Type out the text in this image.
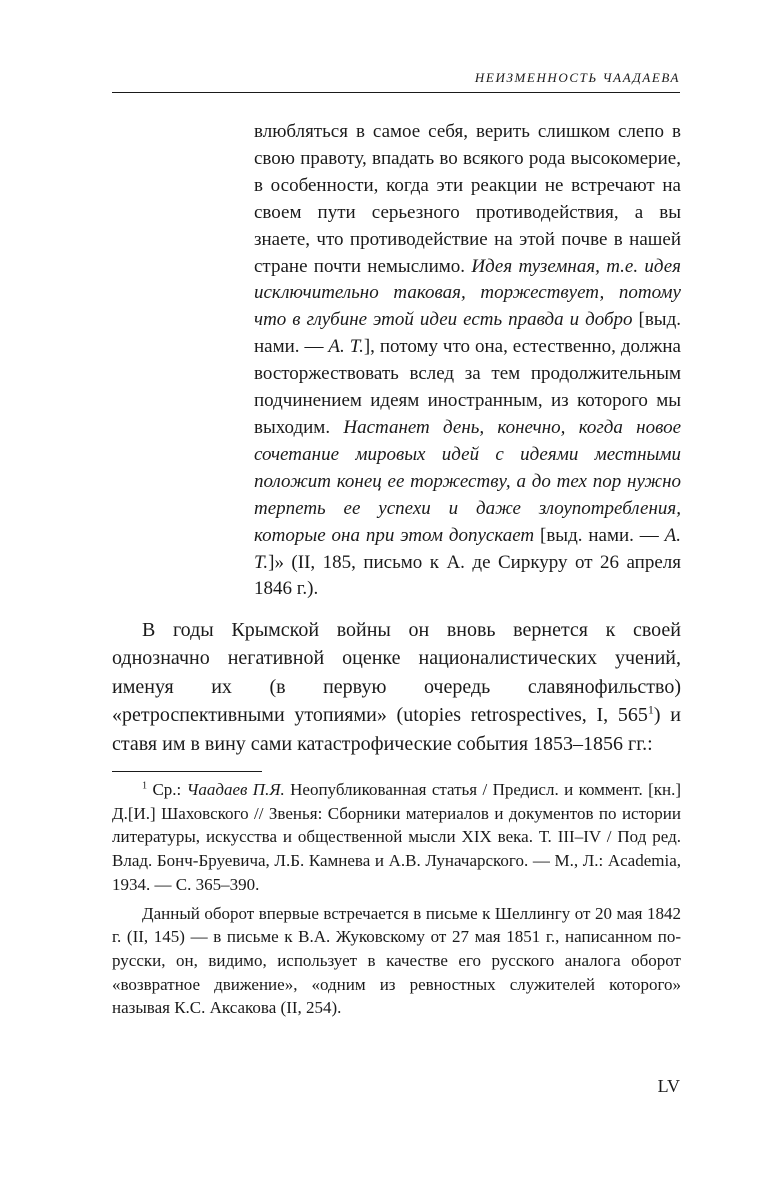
НЕИЗМЕННОСТЬ ЧААДАЕВА

влюбляться в самое себя, верить слишком слепо в свою правоту, впадать во всякого рода высокомерие, в особенности, когда эти реакции не встречают на своем пути серьезного противодействия, а вы знаете, что противодействие на этой почве в нашей стране почти немыслимо. Идея туземная, т.е. идея исключительно таковая, торжествует, потому что в глубине этой идеи есть правда и добро [выд. нами. — А. Т.], потому что она, естественно, должна восторжествовать вслед за тем продолжительным подчинением идеям иностранным, из которого мы выходим. Настанет день, конечно, когда новое сочетание мировых идей с идеями местными положит конец ее торжеству, а до тех пор нужно терпеть ее успехи и даже злоупотребления, которые она при этом допускает [выд. нами. — А. Т.]» (II, 185, письмо к А. де Сиркуру от 26 апреля 1846 г.).

В годы Крымской войны он вновь вернется к своей однозначно негативной оценке националистических учений, именуя их (в первую очередь славянофильство) «ретроспективными утопиями» (utopies retrospectives, I, $565^1$) и ставя им в вину сами катастрофические события 1853–1856 гг.:

$^1$ Ср.: Чаадаев П.Я. Неопубликованная статья / Предисл. и коммент. [кн.] Д.[И.] Шаховского // Звенья: Сборники материалов и документов по истории литературы, искусства и общественной мысли XIX века. Т. III–IV / Под ред. Влад. Бонч-Бруевича, Л.Б. Камнева и А.В. Луначарского. — М., Л.: Academia, 1934. — С. 365–390.

Данный оборот впервые встречается в письме к Шеллингу от 20 мая 1842 г. (II, 145) — в письме к В.А. Жуковскому от 27 мая 1851 г., написанном по-русски, он, видимо, использует в качестве его русского аналога оборот «возвратное движение», «одним из ревностных служителей которого» называя К.С. Аксакова (II, 254).

LV
